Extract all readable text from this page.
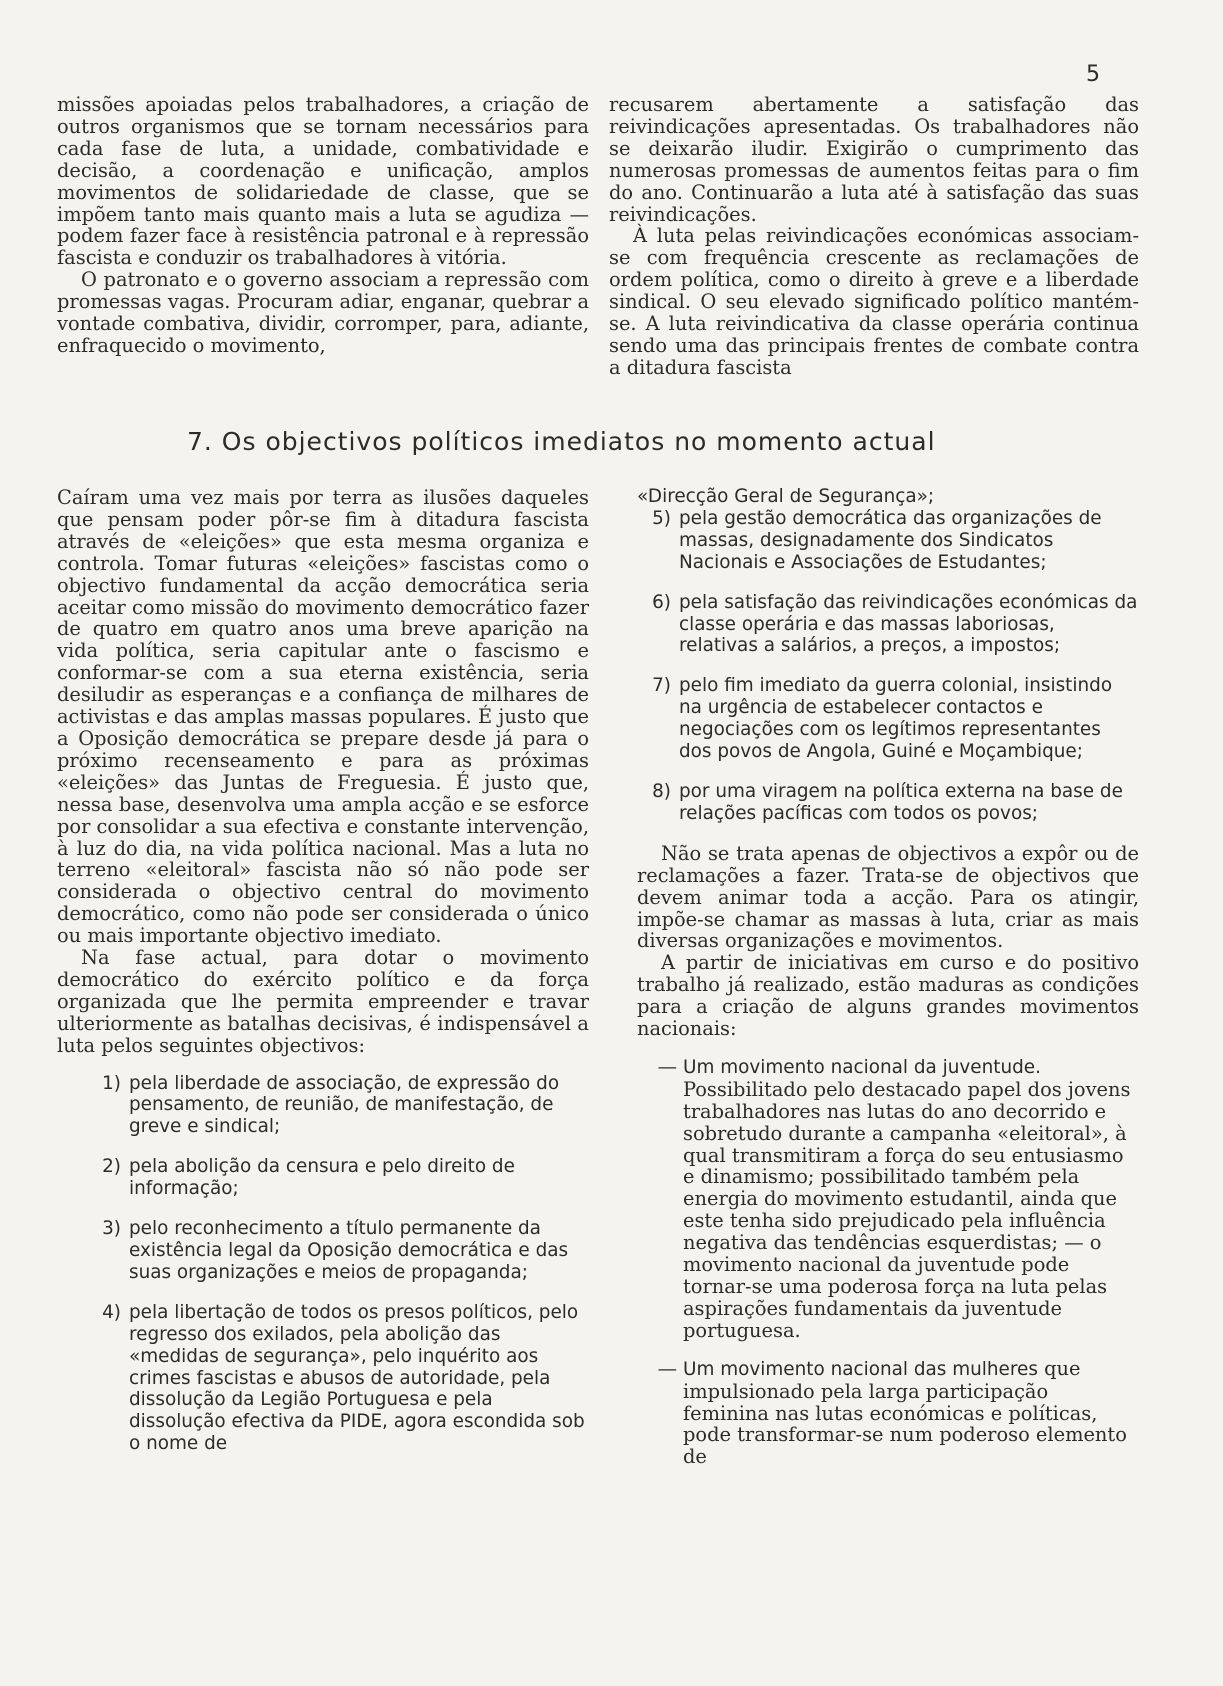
5

missões apoiadas pelos trabalhadores, a criação de outros organismos que se tornam necessários para cada fase de luta, a unidade, combatividade e decisão, a coordenação e unificação, amplos movimentos de solidariedade de classe, que se impõem tanto mais quanto mais a luta se agudiza — podem fazer face à resistência patronal e à repressão fascista e conduzir os trabalhadores à vitória.

O patronato e o governo associam a repressão com promessas vagas. Procuram adiar, enganar, quebrar a vontade combativa, dividir, corromper, para, adiante, enfraquecido o movimento,

recusarem abertamente a satisfação das reivindicações apresentadas. Os trabalhadores não se deixarão iludir. Exigirão o cumprimento das numerosas promessas de aumentos feitas para o fim do ano. Continuarão a luta até à satisfação das suas reivindicações.

À luta pelas reivindicações económicas associam-se com frequência crescente as reclamações de ordem política, como o direito à greve e a liberdade sindical. O seu elevado significado político mantém-se. A luta reivindicativa da classe operária continua sendo uma das principais frentes de combate contra a ditadura fascista

7. Os objectivos políticos imediatos no momento actual

Caíram uma vez mais por terra as ilusões daqueles que pensam poder pôr-se fim à ditadura fascista através de «eleições» que esta mesma organiza e controla. Tomar futuras «eleições» fascistas como o objectivo fundamental da acção democrática seria aceitar como missão do movimento democrático fazer de quatro em quatro anos uma breve aparição na vida política, seria capitular ante o fascismo e conformar-se com a sua eterna existência, seria desiludir as esperanças e a confiança de milhares de activistas e das amplas massas populares. É justo que a Oposição democrática se prepare desde já para o próximo recenseamento e para as próximas «eleições» das Juntas de Freguesia. É justo que, nessa base, desenvolva uma ampla acção e se esforce por consolidar a sua efectiva e constante intervenção, à luz do dia, na vida política nacional. Mas a luta no terreno «eleitoral» fascista não só não pode ser considerada o objectivo central do movimento democrático, como não pode ser considerada o único ou mais importante objectivo imediato.

Na fase actual, para dotar o movimento democrático do exército político e da força organizada que lhe permita empreender e travar ulteriormente as batalhas decisivas, é indispensável a luta pelos seguintes objectivos:

1) pela liberdade de associação, de expressão do pensamento, de reunião, de manifestação, de greve e sindical;
2) pela abolição da censura e pelo direito de informação;
3) pelo reconhecimento a título permanente da existência legal da Oposição democrática e das suas organizações e meios de propaganda;
4) pela libertação de todos os presos políticos, pelo regresso dos exilados, pela abolição das «medidas de segurança», pelo inquérito aos crimes fascistas e abusos de autoridade, pela dissolução da Legião Portuguesa e pela dissolução efectiva da PIDE, agora escondida sob o nome de

«Direcção Geral de Segurança»;

5) pela gestão democrática das organizações de massas, designadamente dos Sindicatos Nacionais e Associações de Estudantes;
6) pela satisfação das reivindicações económicas da classe operária e das massas laboriosas, relativas a salários, a preços, a impostos;
7) pelo fim imediato da guerra colonial, insistindo na urgência de estabelecer contactos e negociações com os legítimos representantes dos povos de Angola, Guiné e Moçambique;
8) por uma viragem na política externa na base de relações pacíficas com todos os povos;

Não se trata apenas de objectivos a expôr ou de reclamações a fazer. Trata-se de objectivos que devem animar toda a acção. Para os atingir, impõe-se chamar as massas à luta, criar as mais diversas organizações e movimentos.

A partir de iniciativas em curso e do positivo trabalho já realizado, estão maduras as condições para a criação de alguns grandes movimentos nacionais:

— Um movimento nacional da juventude. Possibilitado pelo destacado papel dos jovens trabalhadores nas lutas do ano decorrido e sobretudo durante a campanha «eleitoral», à qual transmitiram a força do seu entusiasmo e dinamismo; possibilitado também pela energia do movimento estudantil, ainda que este tenha sido prejudicado pela influência negativa das tendências esquerdistas; — o movimento nacional da juventude pode tornar-se uma poderosa força na luta pelas aspirações fundamentais da juventude portuguesa.
— Um movimento nacional das mulheres que impulsionado pela larga participação feminina nas lutas económicas e políticas, pode transformar-se num poderoso elemento de
